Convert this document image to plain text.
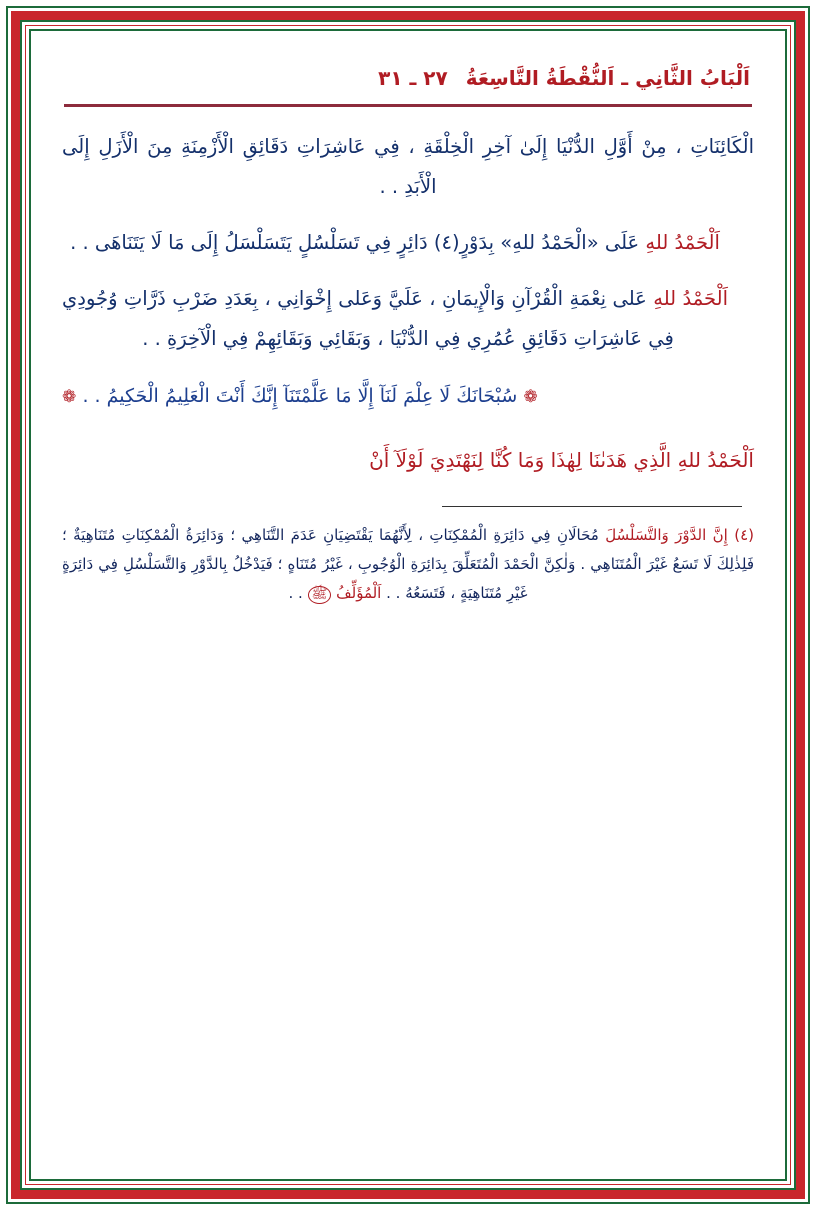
اَلْبَابُ الثَّانِي ـ اَلنُّقْطَةُ التَّاسِعَةُ
٢٧ ـ ٣١
٢٧ ـ ٧٧

الْكَائِنَاتِ ، مِنْ أَوَّلِ الدُّنْيَا إِلَىٰ آخِرِ الْخِلْقَةِ ، فِي عَاشِرَاتِ دَقَائِقِ الْأَزْمِنَةِ مِنَ الْأَزَلِ إِلَى الْأَبَدِ . .

اَلْحَمْدُ للهِ عَلَى «الْحَمْدُ للهِ» بِدَوْرٍ(٤) دَائِرٍ فِي تَسَلْسُلٍ يَتَسَلْسَلُ إِلَى مَا لَا يَتَنَاهَى . .

اَلْحَمْدُ للهِ عَلى نِعْمَةِ الْقُرْآنِ وَالْإِيمَانِ ، عَلَيَّ وَعَلى إِخْوَانِي ، بِعَدَدِ ضَرْبِ ذَرَّاتِ وُجُودِي فِي عَاشِرَاتِ دَقَائِقِ عُمُرِي فِي الدُّنْيَا ، وَبَقَائِي وَبَقَائِهِمْ فِي الْآخِرَةِ . .

❁ سُبْحَانَكَ لَا عِلْمَ لَنَآ إِلَّا مَا عَلَّمْتَنَآ إِنَّكَ أَنْتَ الْعَلِيمُ الْحَكِيمُ . . ❁

اَلْحَمْدُ للهِ الَّذِي هَدَىٰنَا لِهٰذَا وَمَا كُنَّا لِنَهْتَدِيَ لَوْلَآ أَنْ

(٤) إِنَّ الدَّوْرَ وَالتَّسَلْسُلَ مُحَالَانِ فِي دَائِرَةِ الْمُمْكِنَاتِ ، لِأَنَّهُمَا يَقْتَضِيَانِ عَدَمَ التَّنَاهِي ؛ وَدَائِرَةُ الْمُمْكِنَاتِ مُتَنَاهِيَةٌ ؛ فَلِذٰلِكَ لَا تَسَعُ غَيْرَ الْمُتَنَاهِي . وَلٰكِنَّ الْحَمْدَ الْمُتَعَلِّقَ بِدَائِرَةِ الْوُجُوبِ ، غَيْرُ مُتَنَاهٍ ؛ فَيَدْخُلُ بِالدَّوْرِ وَالتَّسَلْسُلِ فِي دَائِرَةٍ غَيْرِ مُتَنَاهِيَةٍ ، فَتَسَعُهُ . . اَلْمُؤَلِّفُ ﷺ . .
